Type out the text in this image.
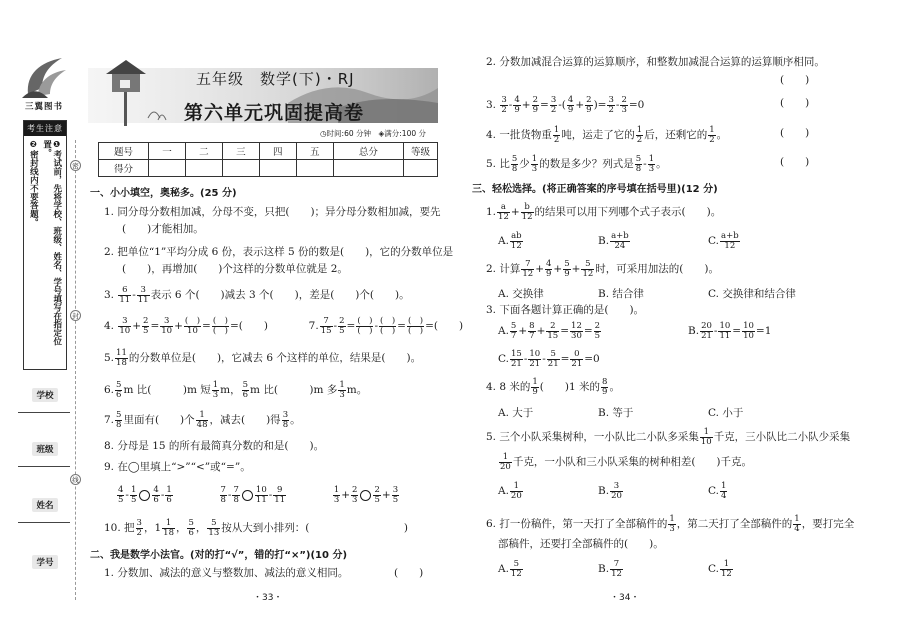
三翼图书
考生注意
❶考试前，先将学校、班级、姓名、学号填写在指定位置。
❷密封线内不要答题。
学校
班级
姓名
学号
密
封
线
五年级　数学(下)・RJ
第六单元巩固提高卷
◷时间:60 分钟　 ◈满分:100 分
题号	一	二	三	四	五	总分	等级
得分							
一、小小填空，奥秘多。(25 分)
1. 同分母分数相加减，分母不变，只把(　　)；异分母分数相加减，要先
(　　)才能相加。
2. 把单位“1”平均分成 6 份，表示这样 5 份的数是(　　)，它的分数单位是
(　　)，再增加(　　)个这样的分数单位就是 2。
3. $\frac{6}{11} - \frac{3}{11}$ 表示 6 个(　　)减去 3 个(　　)，差是(　　)个(　　)。
4. $\frac{3}{10} + \frac{2}{5} = \frac{3}{10}$ + (　)
10 = (　)
(　) =(　　)	7. $\frac{7}{15} - \frac{2}{5}$ = (　)
(　) - (　)
(　) = (　)
(　) =(　　)
5. $\frac{11}{18}$ 的分数单位是(　　)，它减去 6 个这样的单位，结果是(　　)。
6. $\frac{5}{6}$ m 比(　　　)m 短 $\frac{1}{3}$ m， $\frac{5}{6}$ m 比(　　　)m 多 $\frac{1}{3}$ m。
7. $\frac{5}{8}$ 里面有(　　)个 $\frac{1}{48}$ ，减去(　　)得 $\frac{3}{8}$ 。
8. 分母是 15 的所有最简真分数的和是(　　)。
9. 在◯里填上“>”“<”或“=”。
$\frac{4}{5} - \frac{1}{5} \frac{4}{6} - \frac{1}{6}$
	$\frac{7}{8} - \frac{7}{8} \frac{10}{11} - \frac{9}{11}$
	$\frac{1}{3} + \frac{2}{3} \frac{2}{5} + \frac{3}{5}$
10. 把 $\frac{3}{2}$ ，$1 \frac{1}{18}$ ， $\frac{5}{6}$ ， $\frac{5}{13}$ 按从大到小排列：(　　　　　　　　　)
二、我是数学小法官。(对的打“√”，错的打“×”)(10 分)
1. 分数加、减法的意义与整数加、减法的意义相同。	(　　)
・33・
2. 分数加减混合运算的运算顺序，和整数加减混合运算的运算顺序相同。
(　　)
3. $\frac{3}{2} - \frac{4}{9} + \frac{2}{9} = \frac{3}{2}$ -( $\frac{4}{9} + \frac{2}{9}$ )= $\frac{3}{2} - \frac{2}{3} =0$	(　　)
4. 一批货物重 $\frac{1}{2}$ 吨，运走了它的 $\frac{1}{2}$ 后，还剩它的 $\frac{1}{2}$ 。	(　　)
5. 比 $\frac{5}{8}$ 少 $\frac{1}{3}$ 的数是多少？列式是 $\frac{5}{8} - \frac{1}{3}$ 。	(　　)
三、轻松选择。(将正确答案的序号填在括号里)(12 分)
1. $\frac{a}{12} + \frac{b}{12}$ 的结果可以用下列哪个式子表示(　　)。
A. $\frac{ab}{12}$	B. $\frac{a+b}{24}$	C. $\frac{a+b}{12}$
2. 计算 $\frac{7}{12} + \frac{4}{9} + \frac{5}{9} + \frac{5}{12}$ 时，可采用加法的(　　)。
A. 交换律	B. 结合律	C. 交换律和结合律
3. 下面各题计算正确的是(　　)。
A. $\frac{5}{7} + \frac{8}{7} + \frac{2}{15} = \frac{12}{30} = \frac{2}{5}$	B. $\frac{20}{21} - \frac{10}{11} = \frac{10}{10} =1$
C. $\frac{15}{21} - \frac{10}{21} - \frac{5}{21} = \frac{0}{21} =0$
4. 8 米的 $\frac{1}{9}$ (　　)1 米的 $\frac{8}{9}$ 。
A. 大于	B. 等于	C. 小于
5. 三个小队采集树种，一小队比二小队多采集 $\frac{1}{10}$ 千克，三小队比二小队少采集
$\frac{1}{20}$ 千克，一小队和三小队采集的树种相差(　　)千克。
A. $\frac{1}{20}$	B. $\frac{3}{20}$	C. $\frac{1}{4}$
6. 打一份稿件，第一天打了全部稿件的 $\frac{1}{3}$ ，第二天打了全部稿件的 $\frac{1}{4}$ ，要打完全
部稿件，还要打全部稿件的(　　)。
A. $\frac{5}{12}$	B. $\frac{7}{12}$	C. $\frac{1}{12}$
・34・
